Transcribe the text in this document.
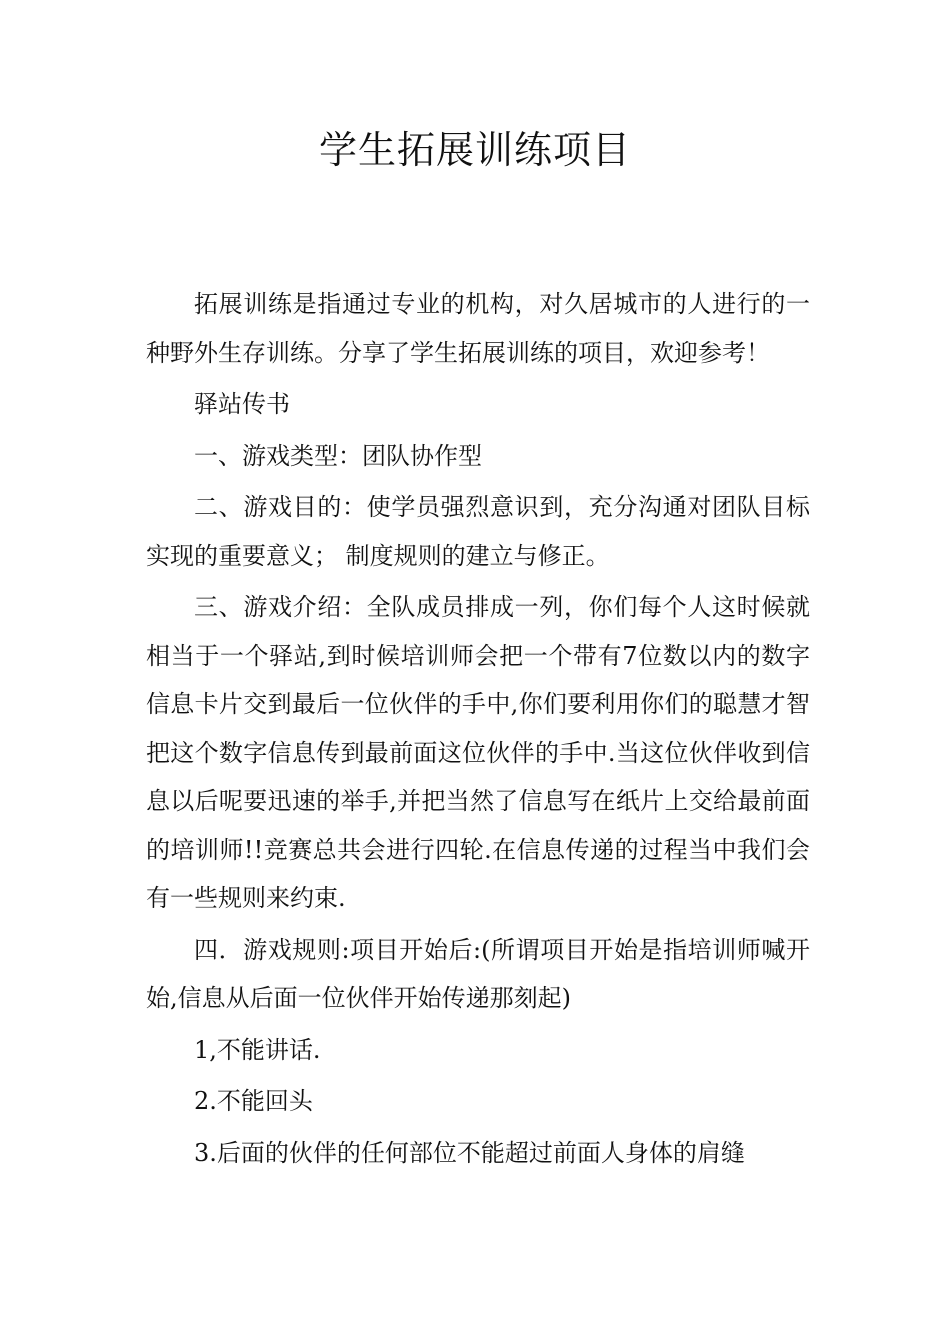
学生拓展训练项目

拓展训练是指通过专业的机构，对久居城市的人进行的一种野外生存训练。分享了学生拓展训练的项目，欢迎参考！

驿站传书

一、游戏类型：团队协作型

二、游戏目的：使学员强烈意识到，充分沟通对团队目标实现的重要意义； 制度规则的建立与修正。

三、游戏介绍：全队成员排成一列，你们每个人这时候就相当于一个驿站,到时候培训师会把一个带有7位数以内的数字信息卡片交到最后一位伙伴的手中,你们要利用你们的聪慧才智把这个数字信息传到最前面这位伙伴的手中.当这位伙伴收到信息以后呢要迅速的举手,并把当然了信息写在纸片上交给最前面的培训师!!竞赛总共会进行四轮.在信息传递的过程当中我们会有一些规则来约束.

四．游戏规则:项目开始后:(所谓项目开始是指培训师喊开始,信息从后面一位伙伴开始传递那刻起)

1,不能讲话.

2.不能回头

3.后面的伙伴的任何部位不能超过前面人身体的肩缝
